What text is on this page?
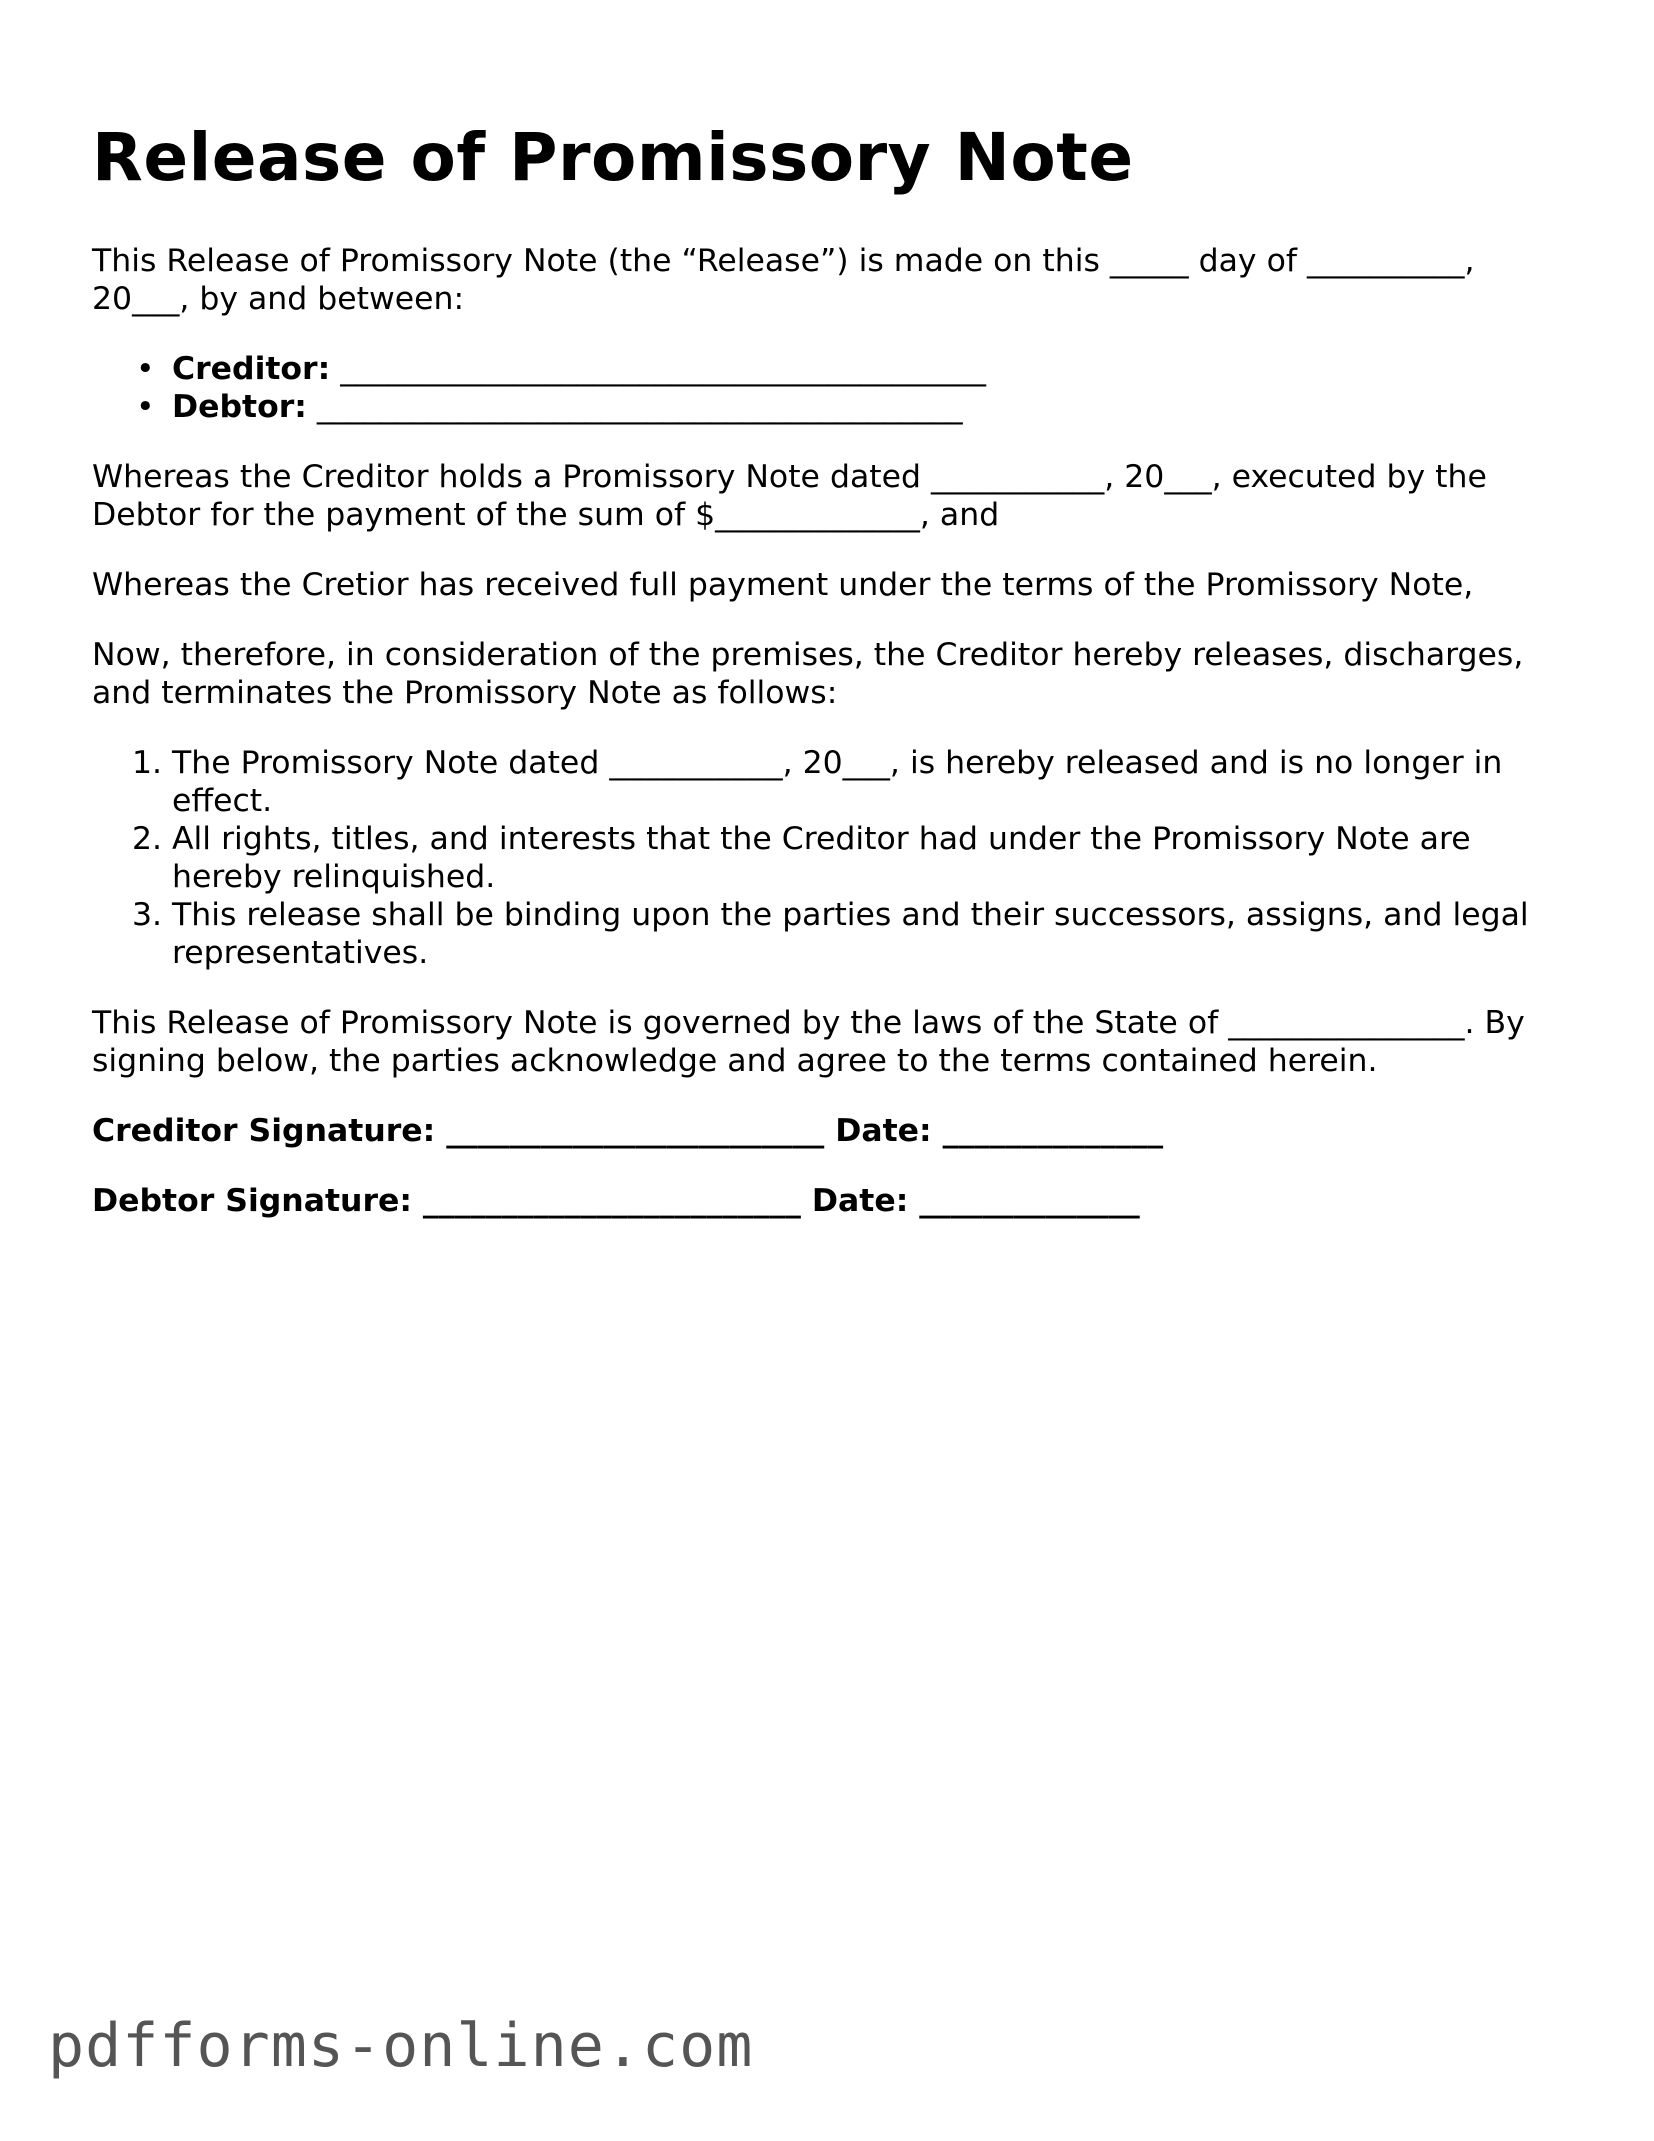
Release of Promissory Note

This Release of Promissory Note (the “Release”) is made on this _____ day of __________, 20___, by and between:

• Creditor: _________________________________________
• Debtor: _________________________________________

Whereas the Creditor holds a Promissory Note dated ___________, 20___, executed by the Debtor for the payment of the sum of $_____________, and

Whereas the Cretior has received full payment under the terms of the Promissory Note,

Now, therefore, in consideration of the premises, the Creditor hereby releases, discharges, and terminates the Promissory Note as follows:

1. The Promissory Note dated ___________, 20___, is hereby released and is no longer in effect.
2. All rights, titles, and interests that the Creditor had under the Promissory Note are hereby relinquished.
3. This release shall be binding upon the parties and their successors, assigns, and legal representatives.

This Release of Promissory Note is governed by the laws of the State of _______________. By signing below, the parties acknowledge and agree to the terms contained herein.

Creditor Signature: ________________________ Date: ______________

Debtor Signature: ________________________ Date: ______________

pdfforms-online.com
